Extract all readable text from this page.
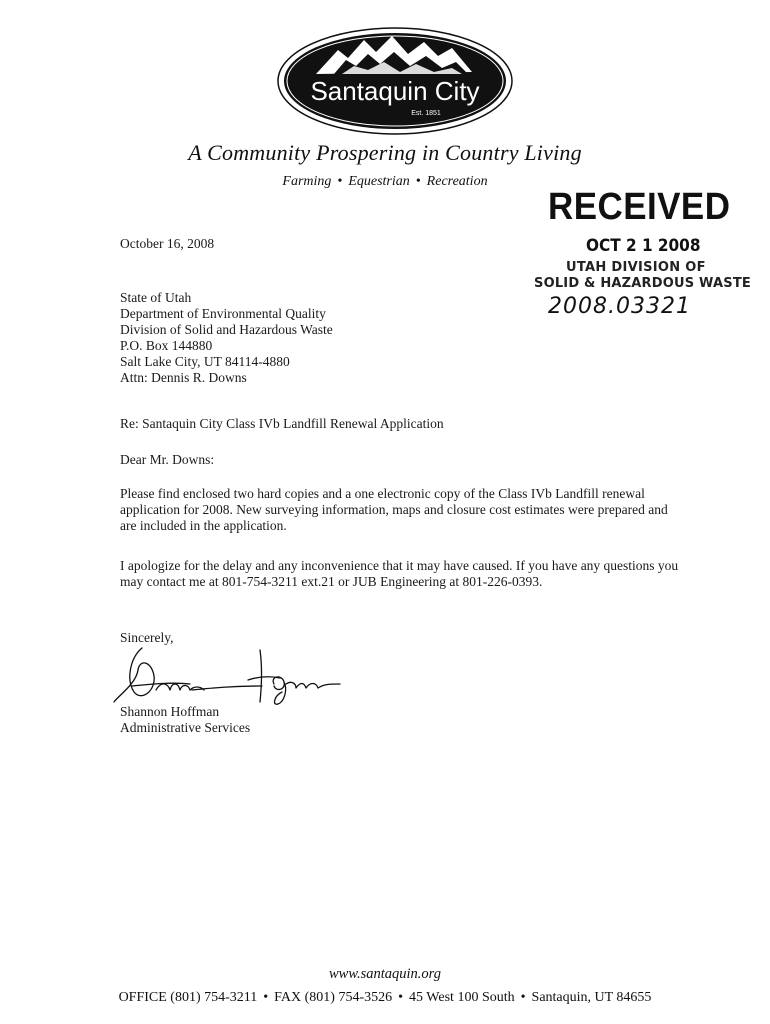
Santaquin City
Est. 1851
A Community Prospering in Country Living
Farming • Equestrian • Recreation
RECEIVED
OCT 2 1 2008
UTAH DIVISION OF
SOLID & HAZARDOUS WASTE
2008.03321
October 16, 2008
State of Utah
Department of Environmental Quality
Division of Solid and Hazardous Waste
P.O. Box 144880
Salt Lake City, UT 84114-4880
Attn: Dennis R. Downs
Re: Santaquin City Class IVb Landfill Renewal Application
Dear Mr. Downs:
Please find enclosed two hard copies and a one electronic copy of the Class IVb Landfill renewal application for 2008. New surveying information, maps and closure cost estimates were prepared and are included in the application.
I apologize for the delay and any inconvenience that it may have caused. If you have any questions you may contact me at 801-754-3211 ext.21 or JUB Engineering at 801-226-0393.
Sincerely,
Shannon Hoffman
Administrative Services
www.santaquin.org
OFFICE (801) 754-3211 • FAX (801) 754-3526 • 45 West 100 South • Santaquin, UT 84655
